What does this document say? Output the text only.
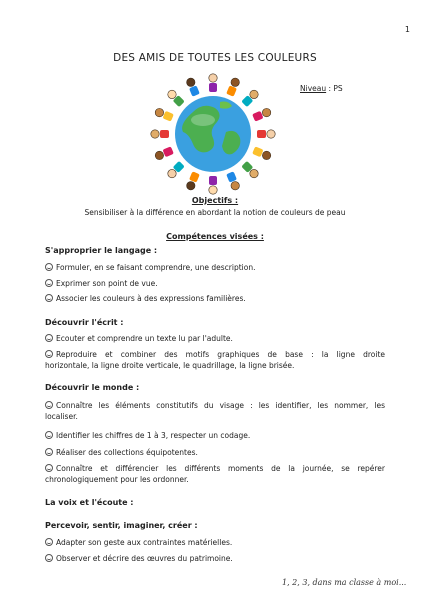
1
DES AMIS DE TOUTES LES COULEURS
Niveau : PS
Objectifs :
Sensibiliser à la différence en abordant la notion de couleurs de peau
Compétences visées :
S'approprier le langage :
Formuler, en se faisant comprendre, une description.
Exprimer son point de vue.
Associer les couleurs à des expressions familières.
Découvrir l'écrit :
Ecouter et comprendre un texte lu par l'adulte.
Reproduire et combiner des motifs graphiques de base : la ligne droite
horizontale, la ligne droite verticale, le quadrillage, la ligne brisée.
Découvrir le monde :
Connaître les éléments constitutifs du visage : les identifier, les nommer, les
localiser.
Identifier les chiffres de 1 à 3, respecter un codage.
Réaliser des collections équipotentes.
Connaître et différencier les différents moments de la journée, se repérer
chronologiquement pour les ordonner.
La voix et l'écoute :
Percevoir, sentir, imaginer, créer :
Adapter son geste aux contraintes matérielles.
Observer et décrire des œuvres du patrimoine.
1, 2, 3, dans ma classe à moi...
